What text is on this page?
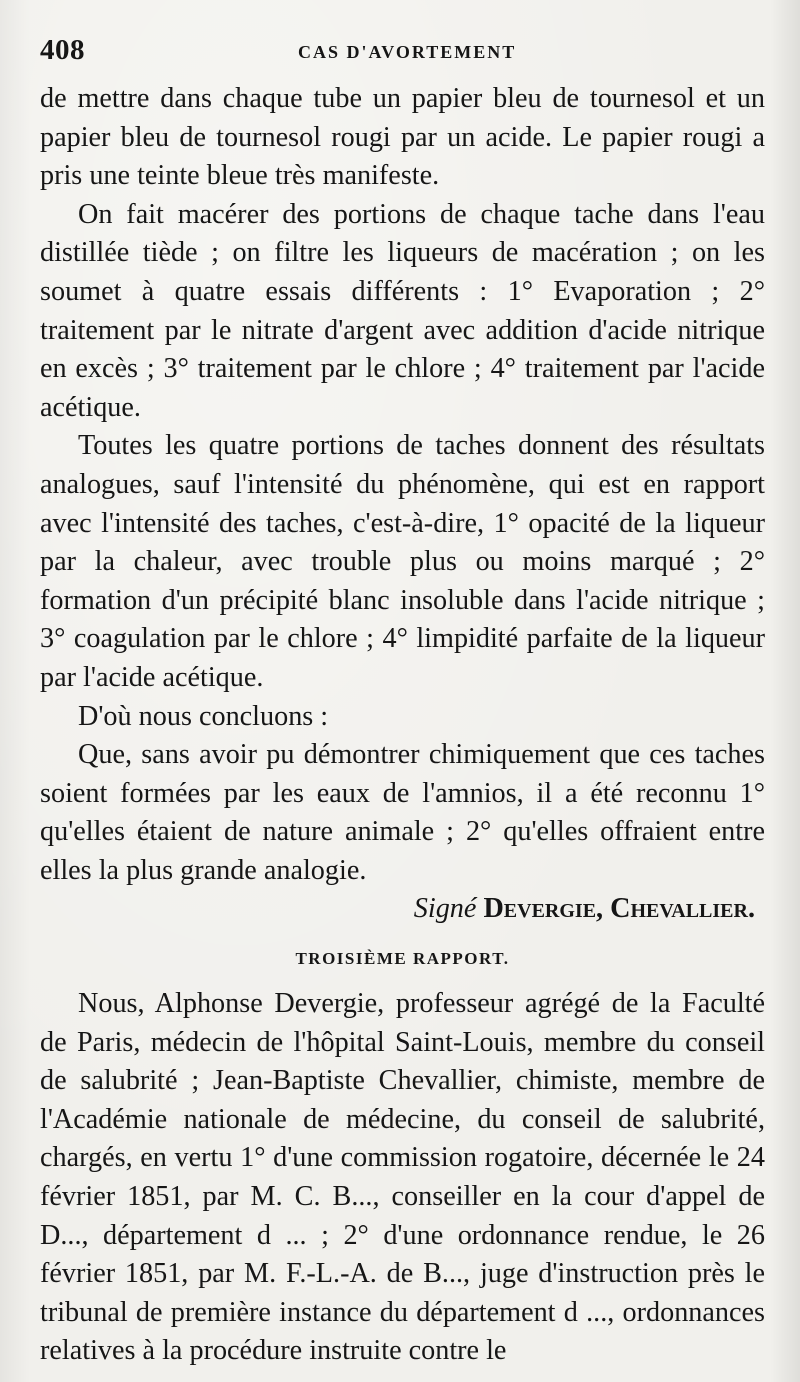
408	CAS D'AVORTEMENT

de mettre dans chaque tube un papier bleu de tournesol et un papier bleu de tournesol rougi par un acide. Le papier rougi a pris une teinte bleue très manifeste.

On fait macérer des portions de chaque tache dans l'eau distillée tiède ; on filtre les liqueurs de macération ; on les soumet à quatre essais différents : 1° Evaporation ; 2° traitement par le nitrate d'argent avec addition d'acide nitrique en excès ; 3° traitement par le chlore ; 4° traitement par l'acide acétique.

Toutes les quatre portions de taches donnent des résultats analogues, sauf l'intensité du phénomène, qui est en rapport avec l'intensité des taches, c'est-à-dire, 1° opacité de la liqueur par la chaleur, avec trouble plus ou moins marqué ; 2° formation d'un précipité blanc insoluble dans l'acide nitrique ; 3° coagulation par le chlore ; 4° limpidité parfaite de la liqueur par l'acide acétique.

D'où nous concluons :

Que, sans avoir pu démontrer chimiquement que ces taches soient formées par les eaux de l'amnios, il a été reconnu 1° qu'elles étaient de nature animale ; 2° qu'elles offraient entre elles la plus grande analogie.

Signé Devergie, Chevallier.

TROISIÈME RAPPORT.

Nous, Alphonse Devergie, professeur agrégé de la Faculté de Paris, médecin de l'hôpital Saint-Louis, membre du conseil de salubrité ; Jean-Baptiste Chevallier, chimiste, membre de l'Académie nationale de médecine, du conseil de salubrité, chargés, en vertu 1° d'une commission rogatoire, décernée le 24 février 1851, par M. C. B..., conseiller en la cour d'appel de D..., département d ... ; 2° d'une ordonnance rendue, le 26 février 1851, par M. F.-L.-A. de B..., juge d'instruction près le tribunal de première instance du département d ..., ordonnances relatives à la procédure instruite contre le
